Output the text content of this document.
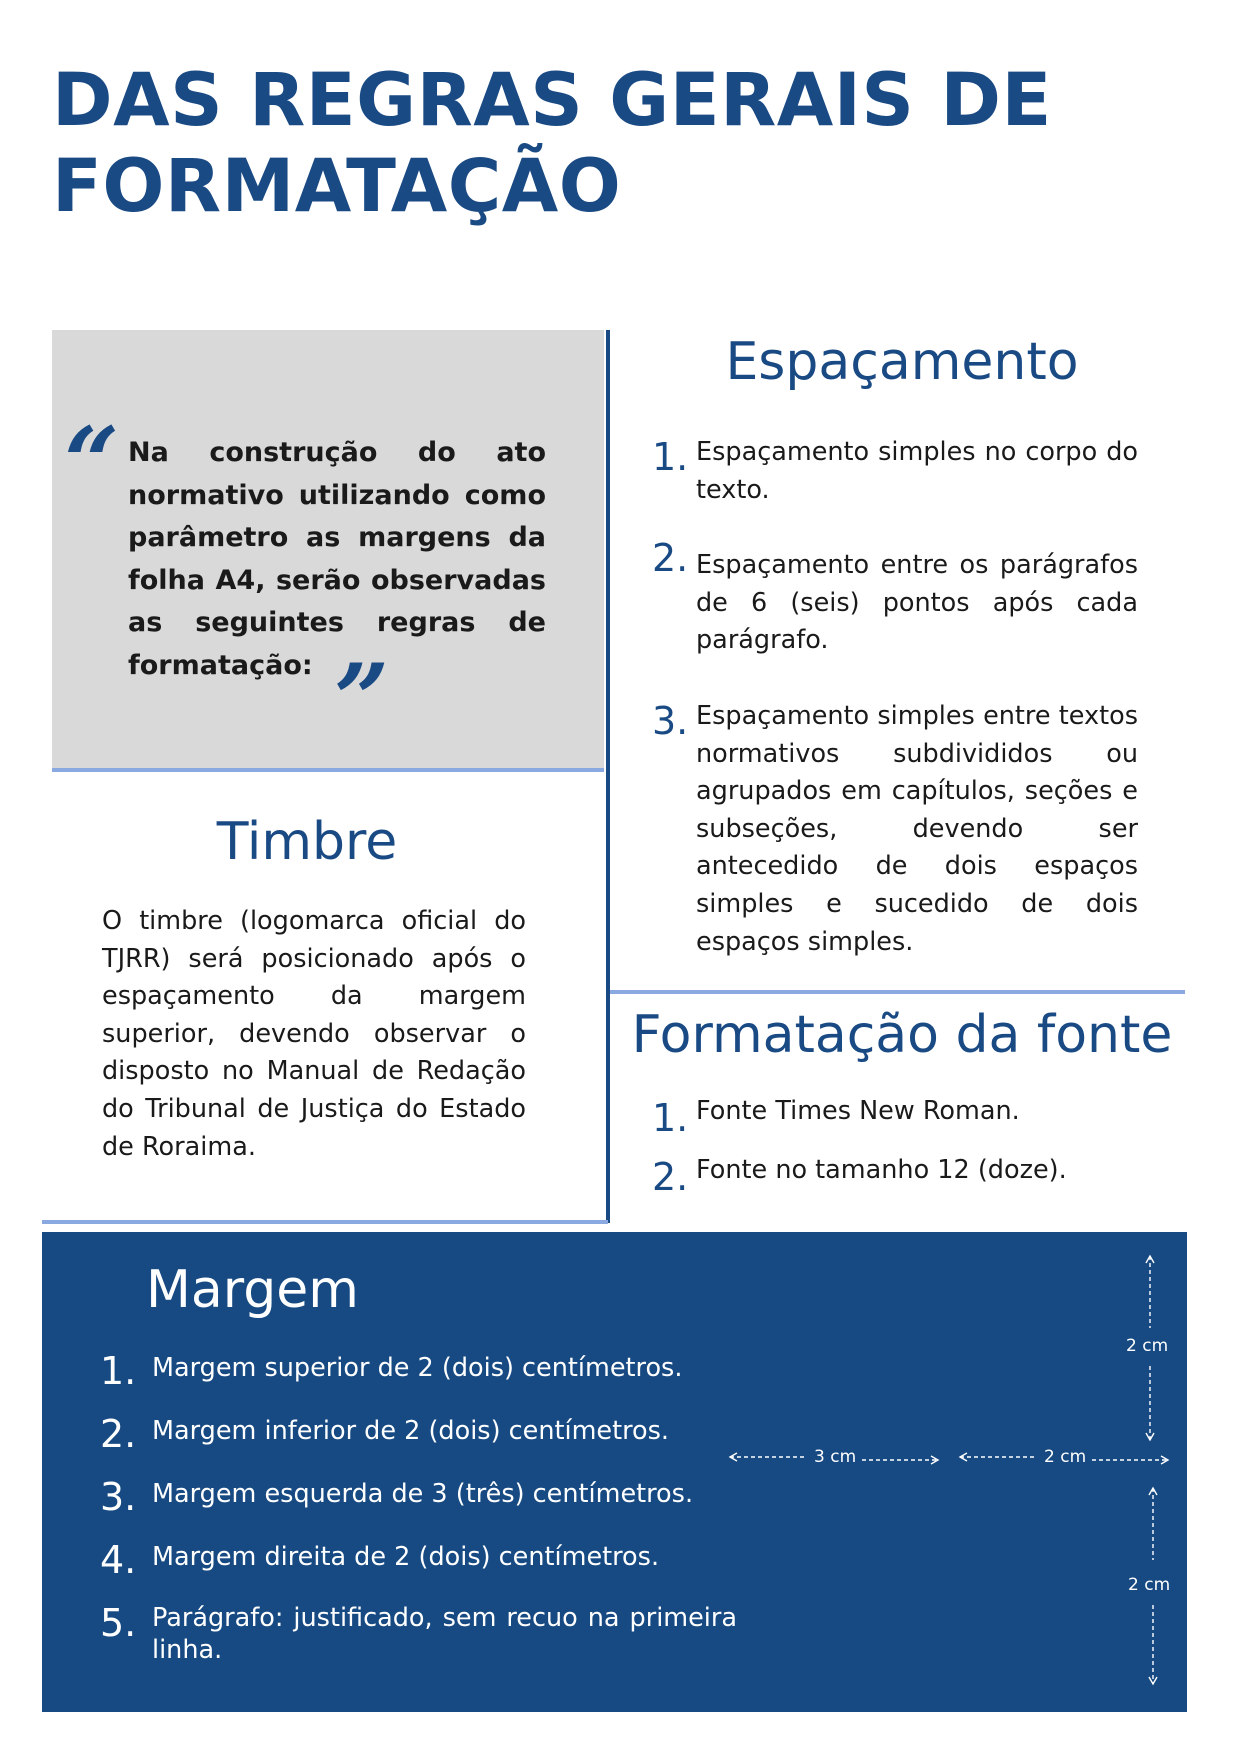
DAS REGRAS GERAIS DE
FORMATAÇÃO
“ Na construção do ato normativo utilizando como parâmetro as margens da folha A4, serão observadas as seguintes regras de formatação: ”
Timbre
O timbre (logomarca oficial do TJRR) será posicionado após o espaçamento da margem superior, devendo observar o disposto no Manual de Redação do Tribunal de Justiça do Estado de Roraima.
Espaçamento
1. Espaçamento simples no corpo do texto.
2. Espaçamento entre os parágrafos de 6 (seis) pontos após cada parágrafo.
3. Espaçamento simples entre textos normativos subdivididos ou agrupados em capítulos, seções e subseções, devendo ser antecedido de dois espaços simples e sucedido de dois espaços simples.
Formatação da fonte
1. Fonte Times New Roman.
2. Fonte no tamanho 12 (doze).
Margem
1. Margem superior de 2 (dois) centímetros.
2. Margem inferior de 2 (dois) centímetros.
3. Margem esquerda de 3 (três) centímetros.
4. Margem direita de 2 (dois) centímetros.
5. Parágrafo: justificado, sem recuo na primeira linha.
2 cm
3 cm	2 cm
2 cm
